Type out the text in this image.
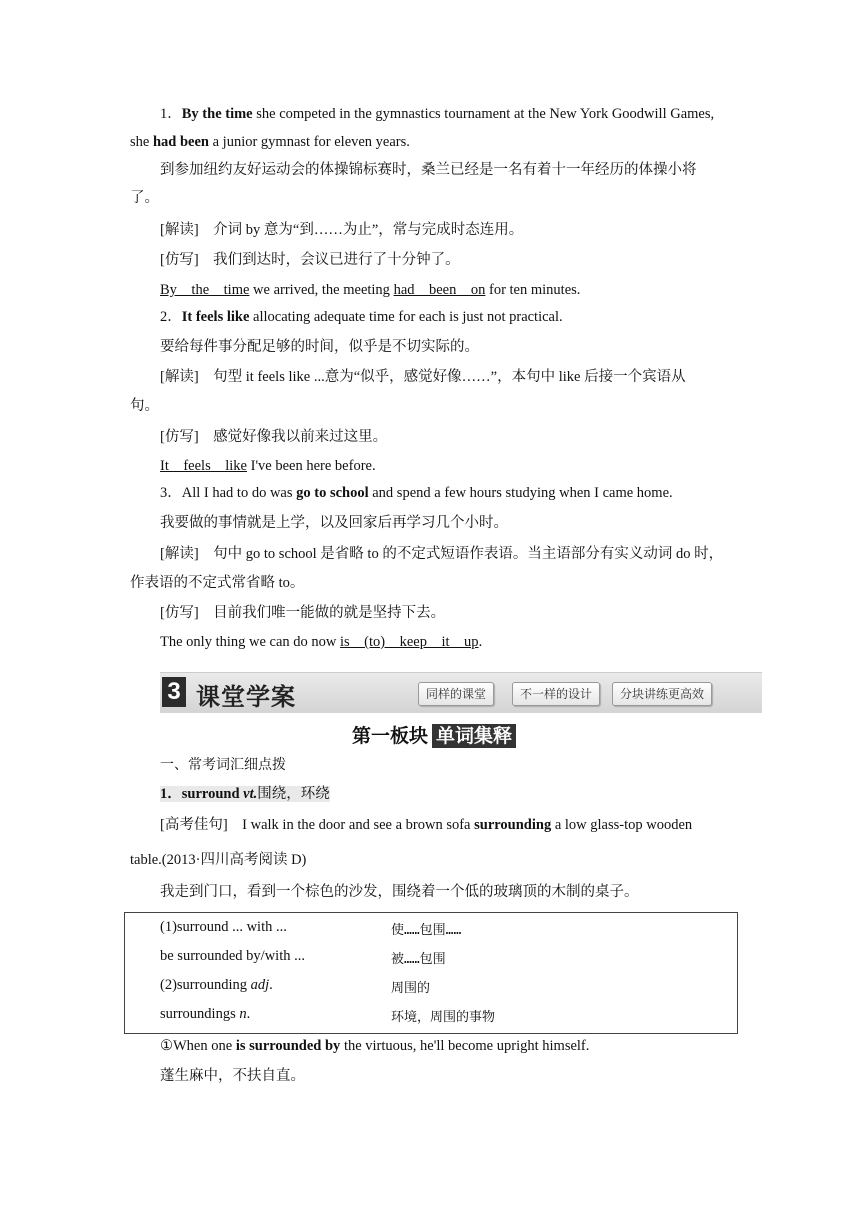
1．By the time she competed in the gymnastics tournament at the New York Goodwill Games,
she had been a junior gymnast for eleven years.
到参加纽约友好运动会的体操锦标赛时，桑兰已经是一名有着十一年经历的体操小将
了。
[解读]　介词 by 意为“到……为止”，常与完成时态连用。
[仿写]　我们到达时，会议已进行了十分钟了。
By　the　time we arrived, the meeting had　been　on for ten minutes.
2．It feels like allocating adequate time for each is just not practical.
要给每件事分配足够的时间，似乎是不切实际的。
[解读]　句型 it feels like ...意为“似乎，感觉好像……”，本句中 like 后接一个宾语从
句。
[仿写]　感觉好像我以前来过这里。
It　feels　like I've been here before.
3．All I had to do was go to school and spend a few hours studying when I came home.
我要做的事情就是上学，以及回家后再学习几个小时。
[解读]　句中 go to school 是省略 to 的不定式短语作表语。当主语部分有实义动词 do 时，
作表语的不定式常省略 to。
[仿写]　目前我们唯一能做的就是坚持下去。
The only thing we can do now is　(to)　keep　it　up.
3 课堂学案	同样的课堂	不一样的设计	分块讲练更高效
第一板块 单词集释
一、常考词汇细点拨
1．surround vt.围绕，环绕
[高考佳句]　I walk in the door and see a brown sofa surrounding a low glass-top wooden
table.(2013·四川高考阅读 D)
我走到门口，看到一个棕色的沙发，围绕着一个低的玻璃顶的木制的桌子。
(1)surround ... with ...	使……包围……
be surrounded by/with ...	被……包围
(2)surrounding adj.	周围的
surroundings n.	环境，周围的事物
①When one is surrounded by the virtuous, he'll become upright himself.
蓬生麻中，不扶自直。
